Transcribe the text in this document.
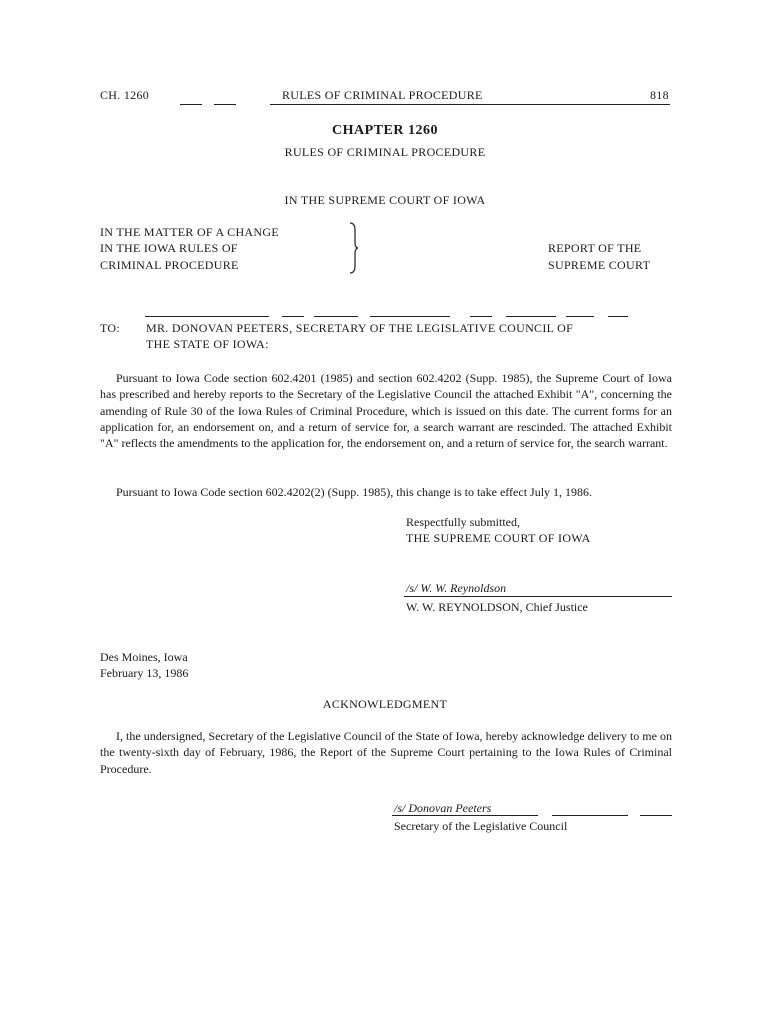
CH. 1260	RULES OF CRIMINAL PROCEDURE	818
CHAPTER 1260
RULES OF CRIMINAL PROCEDURE
IN THE SUPREME COURT OF IOWA
IN THE MATTER OF A CHANGE
IN THE IOWA RULES OF
CRIMINAL PROCEDURE
REPORT OF THE
SUPREME COURT
TO: MR. DONOVAN PEETERS, SECRETARY OF THE LEGISLATIVE COUNCIL OF
THE STATE OF IOWA:

Pursuant to Iowa Code section 602.4201 (1985) and section 602.4202 (Supp. 1985), the Supreme Court of Iowa has prescribed and hereby reports to the Secretary of the Legislative Council the attached Exhibit "A", concerning the amending of Rule 30 of the Iowa Rules of Criminal Procedure, which is issued on this date. The current forms for an application for, an endorsement on, and a return of service for, a search warrant are rescinded. The attached Exhibit "A" reflects the amendments to the application for, the endorsement on, and a return of service for, the search warrant.

Pursuant to Iowa Code section 602.4202(2) (Supp. 1985), this change is to take effect July 1, 1986.

Respectfully submitted,
THE SUPREME COURT OF IOWA
/s/ W. W. Reynoldson
W. W. REYNOLDSON, Chief Justice
Des Moines, Iowa
February 13, 1986
ACKNOWLEDGMENT

I, the undersigned, Secretary of the Legislative Council of the State of Iowa, hereby acknowledge delivery to me on the twenty-sixth day of February, 1986, the Report of the Supreme Court pertaining to the Iowa Rules of Criminal Procedure.

/s/ Donovan Peeters
Secretary of the Legislative Council
